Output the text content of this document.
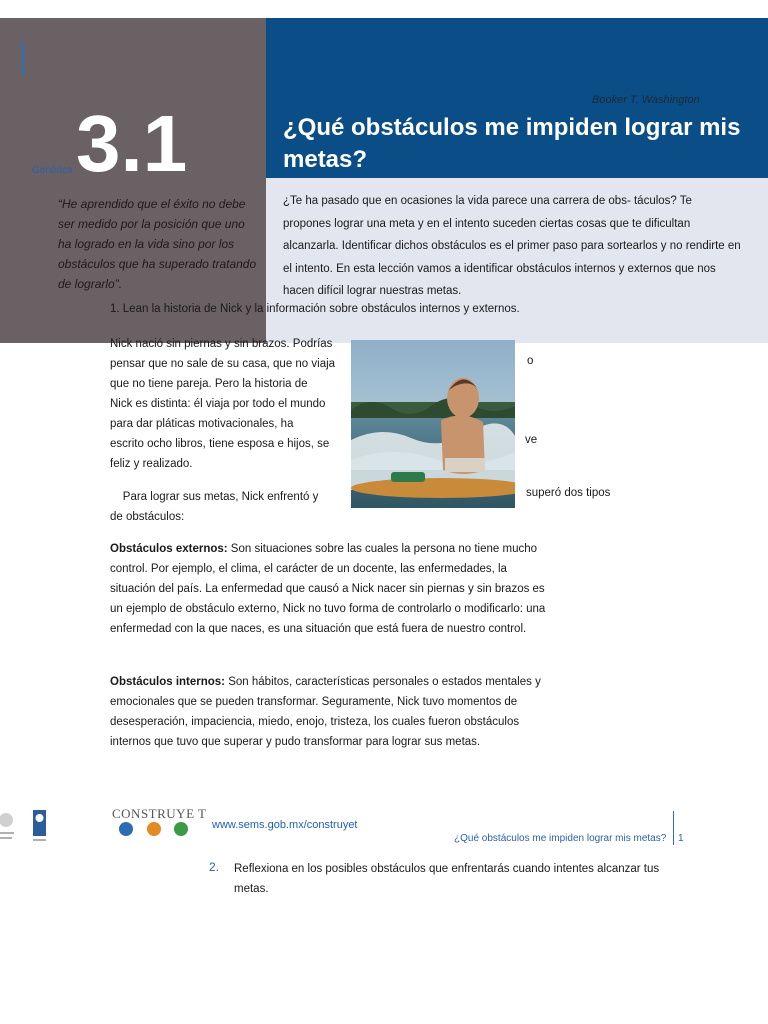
Genérica 3.1
“He aprendido que el éxito no debe ser medido por la posición que uno ha logrado en la vida sino por los obstáculos que ha superado tratando de lograrlo”.
Booker T. Washington
¿Qué obstáculos me impiden lograr mis metas?
¿Te ha pasado que en ocasiones la vida parece una carrera de obs- táculos? Te propones lograr una meta y en el intento suceden ciertas cosas que te dificultan alcanzarla. Identificar dichos obstáculos es el primer paso para sortearlos y no rendirte en el intento. En esta lección vamos a identificar obstáculos internos y externos que nos hacen difícil lograr nuestras metas.
1. Lean la historia de Nick y la información sobre obstáculos internos y externos.
Nick nació sin piernas y sin brazos. Podrías
pensar que no sale de su casa, que no viaja
que no tiene pareja. Pero la historia de
Nick es distinta: él viaja por todo el mundo
para dar pláticas motivacionales, ha
escrito ocho libros, tiene esposa e hijos, se
feliz y realizado.
o
ve
Para lograr sus metas, Nick enfrentó y	superó dos tipos
de obstáculos:
Obstáculos externos: Son situaciones sobre las cuales la persona no tiene mucho control. Por ejemplo, el clima, el carácter de un docente, las enfermedades, la situación del país. La enfermedad que causó a Nick nacer sin piernas y sin brazos es un ejemplo de obstáculo externo, Nick no tuvo forma de controlarlo o modificarlo: una enfermedad con la que naces, es una situación que está fuera de nuestro control.
Obstáculos internos: Son hábitos, características personales o estados mentales y emocionales que se pueden transformar. Seguramente, Nick tuvo momentos de desesperación, impaciencia, miedo, enojo, tristeza, los cuales fueron obstáculos internos que tuvo que superar y pudo transformar para lograr sus metas.
CONSTRUYE T
www.sems.gob.mx/construyet
¿Qué obstáculos me impiden lograr mis metas? 1
2. Reflexiona en los posibles obstáculos que enfrentarás cuando intentes alcanzar tus metas.
